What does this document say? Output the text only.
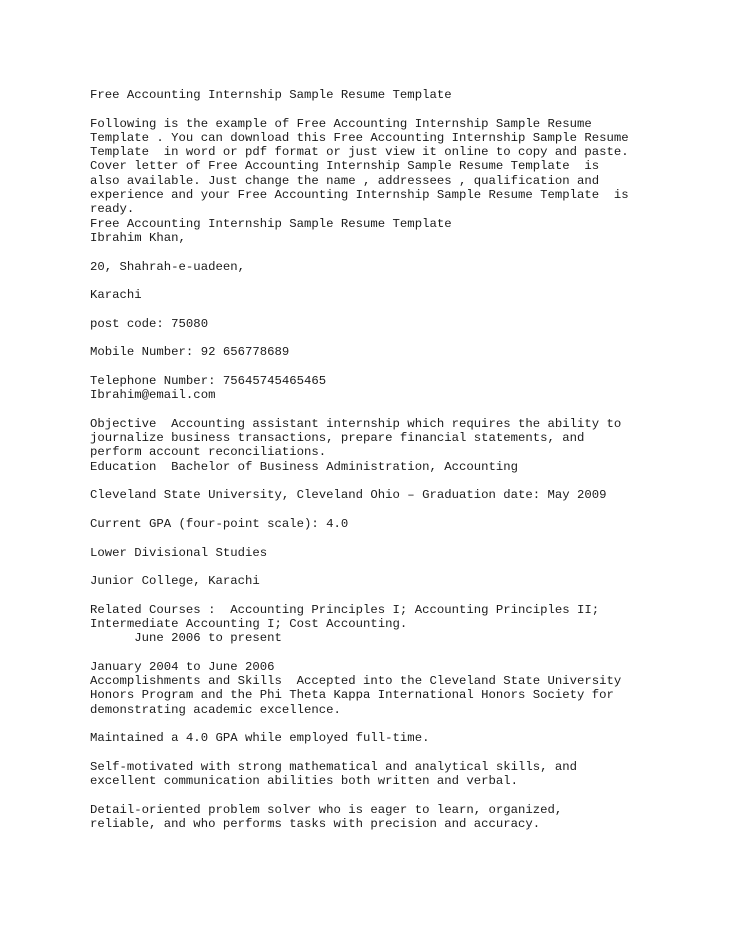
Free Accounting Internship Sample Resume Template
Following is the example of Free Accounting Internship Sample Resume
Template . You can download this Free Accounting Internship Sample Resume
Template  in word or pdf format or just view it online to copy and paste.
Cover letter of Free Accounting Internship Sample Resume Template  is
also available. Just change the name , addressees , qualification and
experience and your Free Accounting Internship Sample Resume Template  is
ready.
Free Accounting Internship Sample Resume Template
Ibrahim Khan,
20, Shahrah-e-uadeen,
Karachi
post code: 75080
Mobile Number: 92 656778689
Telephone Number: 75645745465465
Ibrahim@email.com
Objective  Accounting assistant internship which requires the ability to
journalize business transactions, prepare financial statements, and
perform account reconciliations.
Education  Bachelor of Business Administration, Accounting
Cleveland State University, Cleveland Ohio – Graduation date: May 2009
Current GPA (four-point scale): 4.0
Lower Divisional Studies
Junior College, Karachi
Related Courses :  Accounting Principles I; Accounting Principles II;
Intermediate Accounting I; Cost Accounting.
June 2006 to present
January 2004 to June 2006
Accomplishments and Skills  Accepted into the Cleveland State University
Honors Program and the Phi Theta Kappa International Honors Society for
demonstrating academic excellence.
Maintained a 4.0 GPA while employed full-time.
Self-motivated with strong mathematical and analytical skills, and
excellent communication abilities both written and verbal.
Detail-oriented problem solver who is eager to learn, organized,
reliable, and who performs tasks with precision and accuracy.
